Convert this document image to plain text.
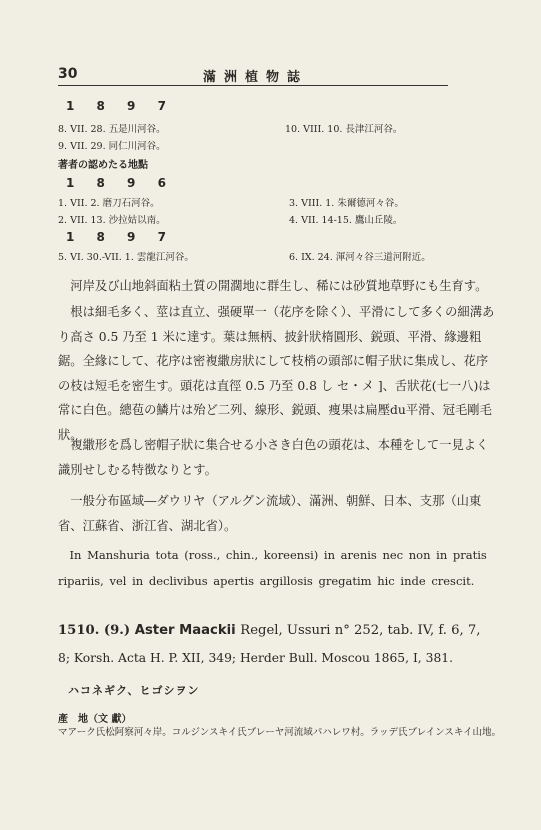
30	滿洲植物誌
1 8 9 7
8. VII. 28. 五是川河谷。
9. VII. 29. 同仁川河谷。
10. VIII. 10. 長津江河谷。
著者の認めたる地點
1 8 9 6
1. VII. 2. 磨刀石河谷。
2. VII. 13. 沙拉姑以南。
3. VIII. 1. 朱爾德河々谷。
4. VII. 14-15. 鷹山丘陵。
1 8 9 7
5. VI. 30.-VII. 1. 雲龍江河谷。	6. IX. 24. 渾河々谷三道河附近。

河岸及び山地斜面粘土質の開濶地に群生し、稀には砂質地草野にも生育す。

根は細毛多く、莖は直立、强硬單一（花序を除く）、平滑にして多くの細溝あり高さ 0.5 乃至 1 米に達す。葉は無柄、披針狀楕圓形、鋭頭、平滑、緣邊粗鋸。全緣にして、花序は密複繖房狀にして枝梢の頭部に帽子狀に集成し、花序の枝は短毛を密生す。頭花は直徑 0.5 乃至 0.8 し セ・メ ]、舌狀花(七一八)は常に白色。總苞の鱗片は殆ど二列、線形、鋭頭、痩果は扁壓du平滑、冠毛剛毛狀。

複繖形を爲し密帽子狀に集合せる小さき白色の頭花は、本種をして一見よく識別せしむる特徴なりとす。

一般分布區域―ダウリヤ（アルグン流域）、滿洲、朝鮮、日本、支那（山東省、江蘇省、浙江省、湖北省）。

In Manshuria tota (ross., chin., koreensi) in arenis nec non in pratis ripariis, vel in declivibus apertis argillosis gregatim hic inde crescit.

1510. (9.) Aster Maackii Regel, Ussuri n° 252, tab. IV, f. 6, 7,
8; Korsh. Acta H. P. XII, 349; Herder Bull. Moscou 1865, I, 381.
ハコネギク、ヒゴシヲン
產　地（文 獻）

マアーク氏松阿察河々岸。コルジンスキイ氏ブレーヤ河流域パハレワ村。ラッデ氏ブレインスキイ山地。
